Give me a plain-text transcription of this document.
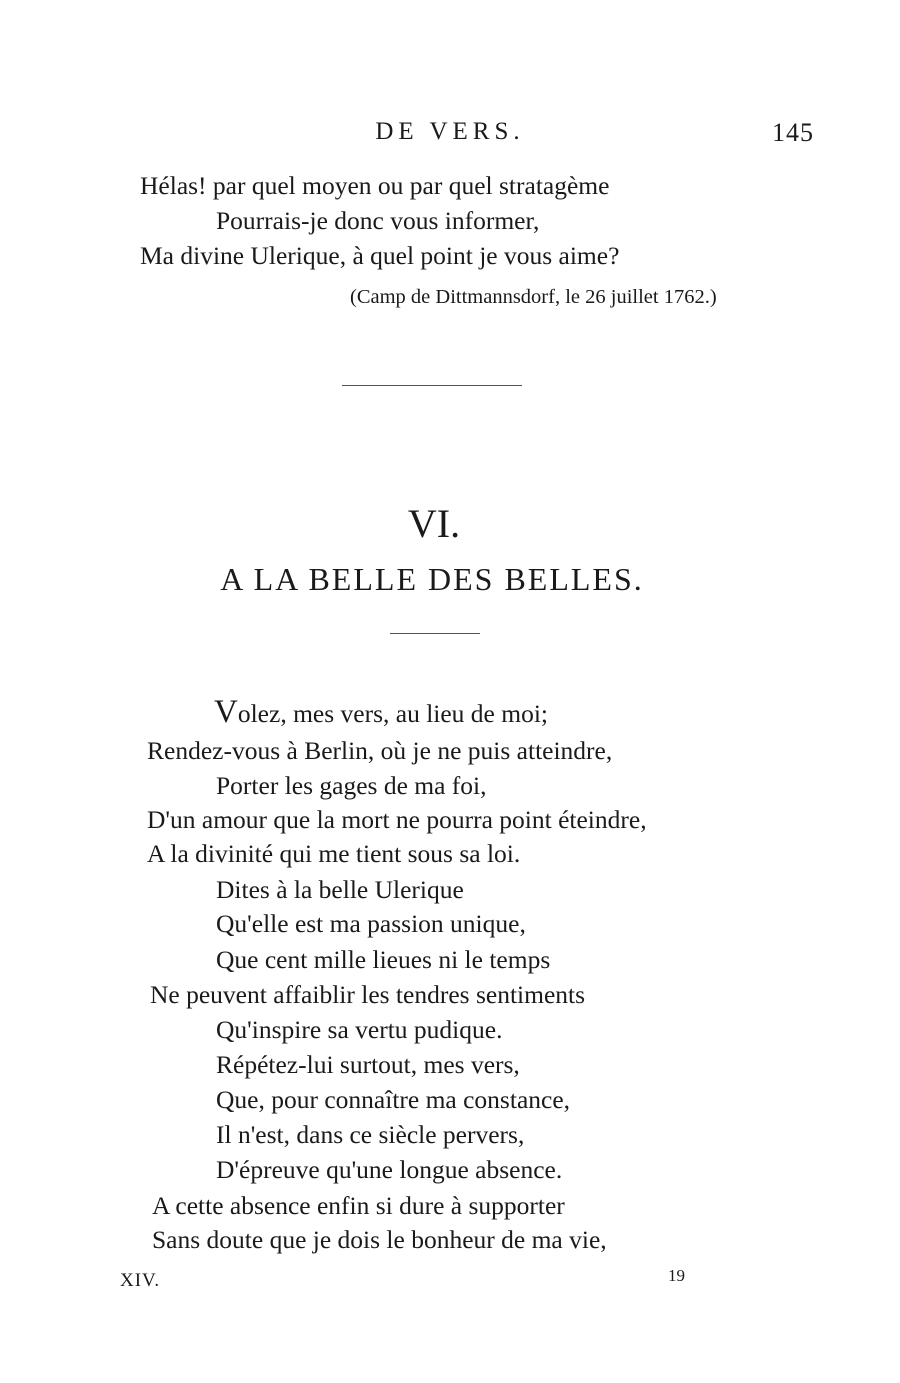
DE VERS.	145
Hélas! par quel moyen ou par quel stratagème
Pourrais-je donc vous informer,
Ma divine Ulerique, à quel point je vous aime?
(Camp de Dittmannsdorf, le 26 juillet 1762.)
VI.
A LA BELLE DES BELLES.
Volez, mes vers, au lieu de moi;
Rendez-vous à Berlin, où je ne puis atteindre,
Porter les gages de ma foi,
D'un amour que la mort ne pourra point éteindre,
A la divinité qui me tient sous sa loi.
Dites à la belle Ulerique
Qu'elle est ma passion unique,
Que cent mille lieues ni le temps
Ne peuvent affaiblir les tendres sentiments
Qu'inspire sa vertu pudique.
Répétez-lui surtout, mes vers,
Que, pour connaître ma constance,
Il n'est, dans ce siècle pervers,
D'épreuve qu'une longue absence.
A cette absence enfin si dure à supporter
Sans doute que je dois le bonheur de ma vie,
XIV.	19
